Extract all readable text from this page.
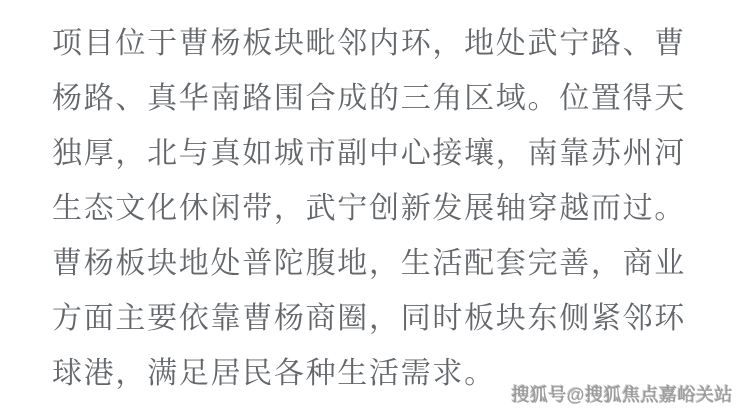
项目位于曹杨板块毗邻内环，地处武宁路、曹
杨路、真华南路围合成的三角区域。位置得天
独厚，北与真如城市副中心接壤，南靠苏州河
生态文化休闲带，武宁创新发展轴穿越而过。
曹杨板块地处普陀腹地，生活配套完善，商业
方面主要依靠曹杨商圈，同时板块东侧紧邻环
球港，满足居民各种生活需求。
搜狐号@搜狐焦点嘉峪关站
